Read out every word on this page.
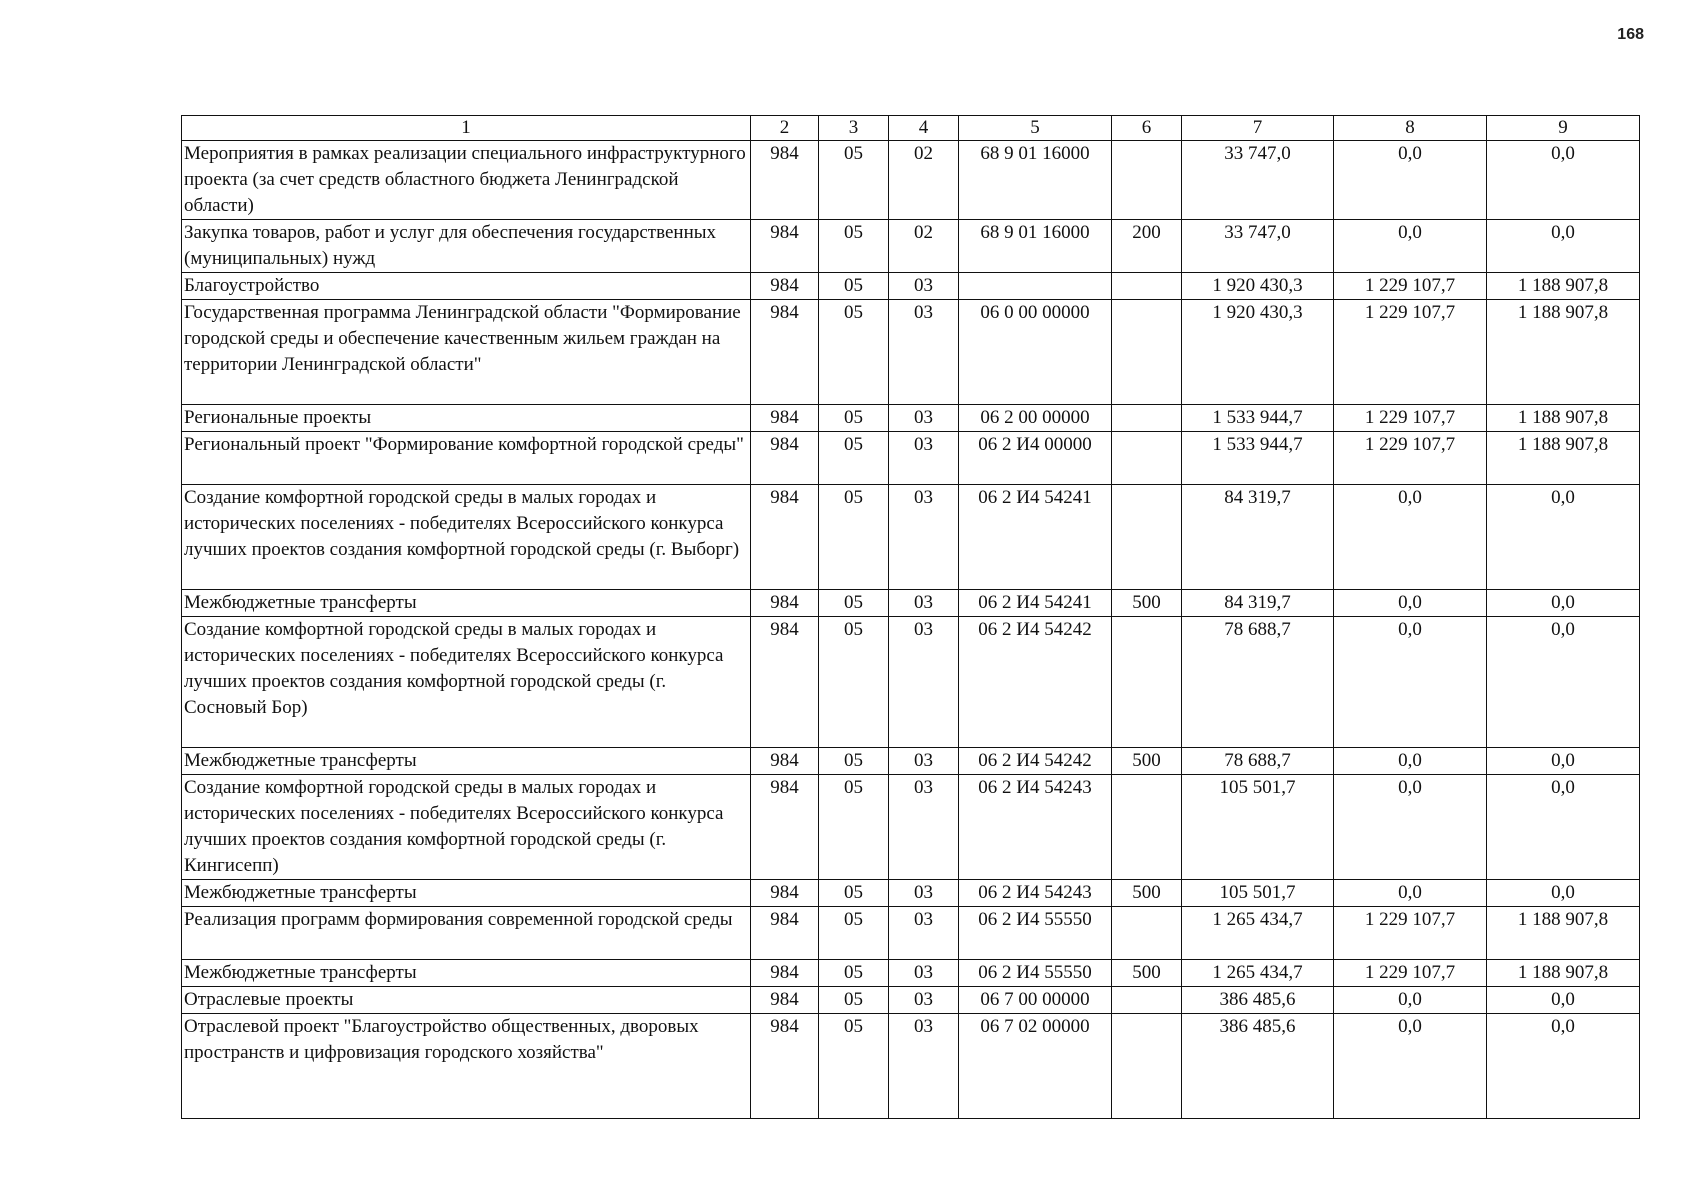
168
1	2	3	4	5	6	7	8	9
Мероприятия в рамках реализации специального инфраструктурного проекта (за счет средств областного бюджета Ленинградской области)	984	05	02	68 9 01 16000		33 747,0	0,0	0,0
Закупка товаров, работ и услуг для обеспечения государственных (муниципальных) нужд	984	05	02	68 9 01 16000	200	33 747,0	0,0	0,0
Благоустройство	984	05	03			1 920 430,3	1 229 107,7	1 188 907,8
Государственная программа Ленинградской области "Формирование городской среды и обеспечение качественным жильем граждан на территории Ленинградской области"	984	05	03	06 0 00 00000		1 920 430,3	1 229 107,7	1 188 907,8
Региональные проекты	984	05	03	06 2 00 00000		1 533 944,7	1 229 107,7	1 188 907,8
Региональный проект "Формирование комфортной городской среды"	984	05	03	06 2 И4 00000		1 533 944,7	1 229 107,7	1 188 907,8
Создание комфортной городской среды в малых городах и исторических поселениях - победителях Всероссийского конкурса лучших проектов создания комфортной городской среды (г. Выборг)	984	05	03	06 2 И4 54241		84 319,7	0,0	0,0
Межбюджетные трансферты	984	05	03	06 2 И4 54241	500	84 319,7	0,0	0,0
Создание комфортной городской среды в малых городах и исторических поселениях - победителях Всероссийского конкурса лучших проектов создания комфортной городской среды (г. Сосновый Бор)	984	05	03	06 2 И4 54242		78 688,7	0,0	0,0
Межбюджетные трансферты	984	05	03	06 2 И4 54242	500	78 688,7	0,0	0,0
Создание комфортной городской среды в малых городах и исторических поселениях - победителях Всероссийского конкурса лучших проектов создания комфортной городской среды (г. Кингисепп)	984	05	03	06 2 И4 54243		105 501,7	0,0	0,0
Межбюджетные трансферты	984	05	03	06 2 И4 54243	500	105 501,7	0,0	0,0
Реализация программ формирования современной городской среды	984	05	03	06 2 И4 55550		1 265 434,7	1 229 107,7	1 188 907,8
Межбюджетные трансферты	984	05	03	06 2 И4 55550	500	1 265 434,7	1 229 107,7	1 188 907,8
Отраслевые проекты	984	05	03	06 7 00 00000		386 485,6	0,0	0,0
Отраслевой проект "Благоустройство общественных, дворовых пространств и цифровизация городского хозяйства"	984	05	03	06 7 02 00000		386 485,6	0,0	0,0
